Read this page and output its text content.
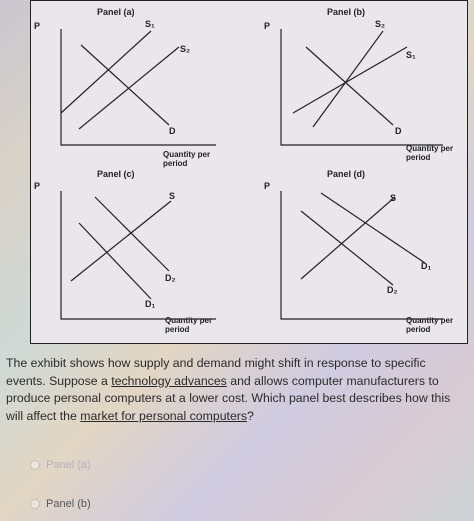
Panel (a)
P	S₁
S₂
D
Quantity per
period
Panel (b)
P	S₂
S₁
D
Quantity per
period
Panel (c)
P
S
D₂
D₁
Quantity per
period
Panel (d)
P
S
D₁
D₂
Quantity per
period
The exhibit shows how supply and demand might shift in response to specific events. Suppose a technology advances and allows computer manufacturers to produce personal computers at a lower cost. Which panel best describes how this will affect the market for personal computers?
Panel (a)
Panel (b)
